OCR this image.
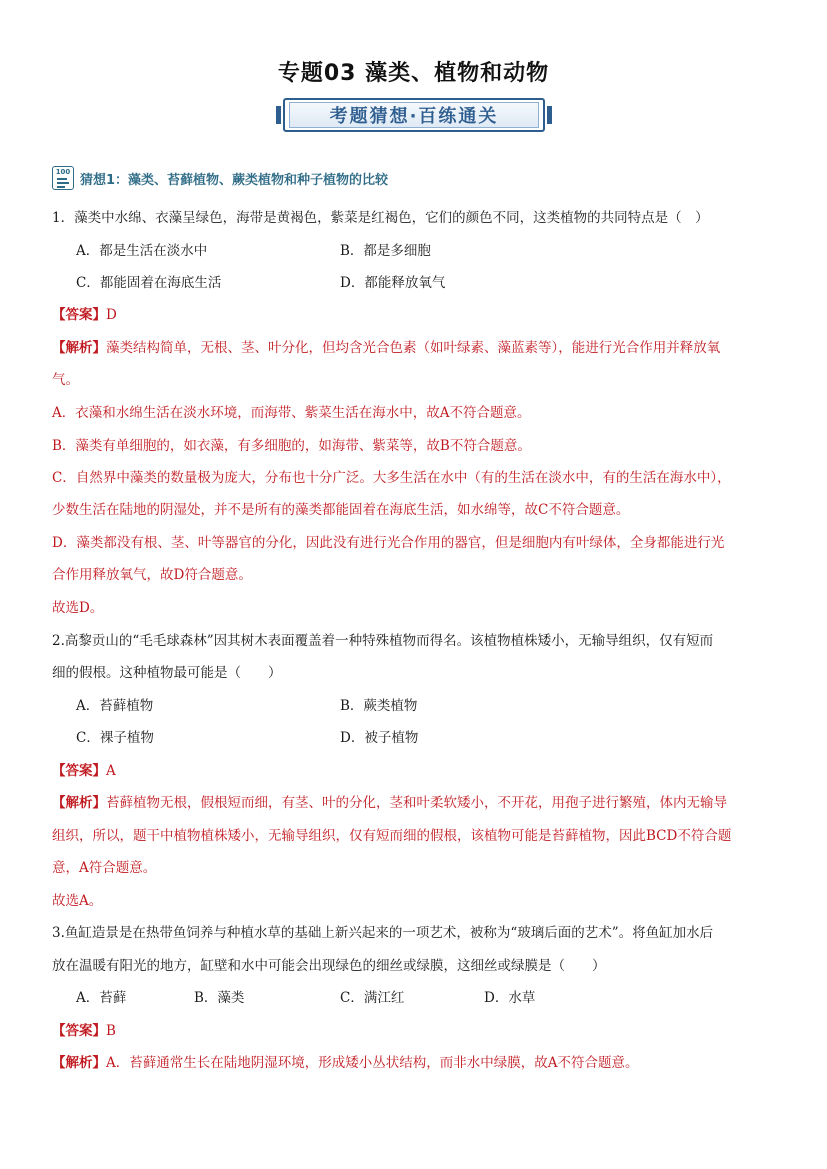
专题03 藻类、植物和动物
考题猜想·百练通关
100
猜想1：藻类、苔藓植物、蕨类植物和种子植物的比较
1．藻类中水绵、衣藻呈绿色，海带是黄褐色，紫菜是红褐色，它们的颜色不同，这类植物的共同特点是（　）
A．都是生活在淡水中	B．都是多细胞
C．都能固着在海底生活	D．都能释放氧气
【答案】D
【解析】藻类结构简单，无根、茎、叶分化，但均含光合色素（如叶绿素、藻蓝素等），能进行光合作用并释放氧
气。
A．衣藻和水绵生活在淡水环境，而海带、紫菜生活在海水中，故A不符合题意。
B．藻类有单细胞的，如衣藻，有多细胞的，如海带、紫菜等，故B不符合题意。
C．自然界中藻类的数量极为庞大，分布也十分广泛。大多生活在水中（有的生活在淡水中，有的生活在海水中），
少数生活在陆地的阴湿处，并不是所有的藻类都能固着在海底生活，如水绵等，故C不符合题意。
D．藻类都没有根、茎、叶等器官的分化，因此没有进行光合作用的器官，但是细胞内有叶绿体，全身都能进行光
合作用释放氧气，故D符合题意。
故选D。
2.高黎贡山的“毛毛球森林”因其树木表面覆盖着一种特殊植物而得名。该植物植株矮小，无输导组织，仅有短而
细的假根。这种植物最可能是（　　）
A．苔藓植物	B．蕨类植物
C．裸子植物	D．被子植物
【答案】A
【解析】苔藓植物无根，假根短而细，有茎、叶的分化，茎和叶柔软矮小，不开花，用孢子进行繁殖，体内无输导
组织，所以，题干中植物植株矮小，无输导组织，仅有短而细的假根，该植物可能是苔藓植物，因此BCD不符合题
意，A符合题意。
故选A。
3.鱼缸造景是在热带鱼饲养与种植水草的基础上新兴起来的一项艺术，被称为“玻璃后面的艺术”。将鱼缸加水后
放在温暖有阳光的地方，缸壁和水中可能会出现绿色的细丝或绿膜，这细丝或绿膜是（　　）
A．苔藓	B．藻类	C．满江红	D．水草
【答案】B
【解析】A．苔藓通常生长在陆地阴湿环境，形成矮小丛状结构，而非水中绿膜，故A不符合题意。
